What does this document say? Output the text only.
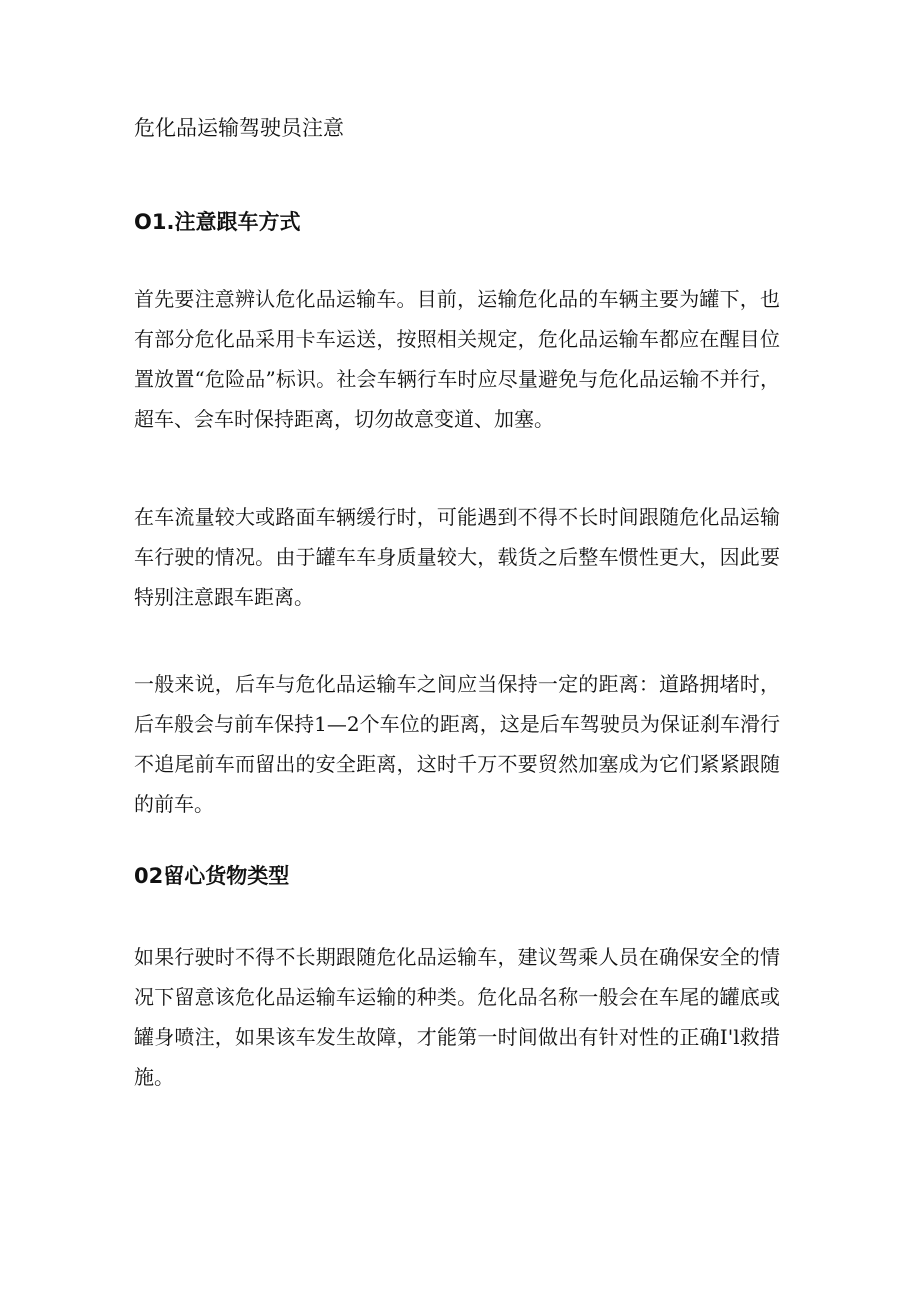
危化品运输驾驶员注意
O1.注意跟车方式

首先要注意辨认危化品运输车。目前，运输危化品的车辆主要为罐下，也有部分危化品采用卡车运送，按照相关规定，危化品运输车都应在醒目位置放置“危险品”标识。社会车辆行车时应尽量避免与危化品运输不并行，超车、会车时保持距离，切勿故意变道、加塞。

在车流量较大或路面车辆缓行时，可能遇到不得不长时间跟随危化品运输车行驶的情况。由于罐车车身质量较大，载货之后整车惯性更大，因此要特别注意跟车距离。

一般来说，后车与危化品运输车之间应当保持一定的距离：道路拥堵时，后车般会与前车保持1—2个车位的距离，这是后车驾驶员为保证刹车滑行不追尾前车而留出的安全距离，这时千万不要贸然加塞成为它们紧紧跟随的前车。

02留心货物类型

如果行驶时不得不长期跟随危化品运输车，建议驾乘人员在确保安全的情况下留意该危化品运输车运输的种类。危化品名称一般会在车尾的罐底或罐身喷注，如果该车发生故障，才能第一时间做出有针对性的正确I'l救措施。
